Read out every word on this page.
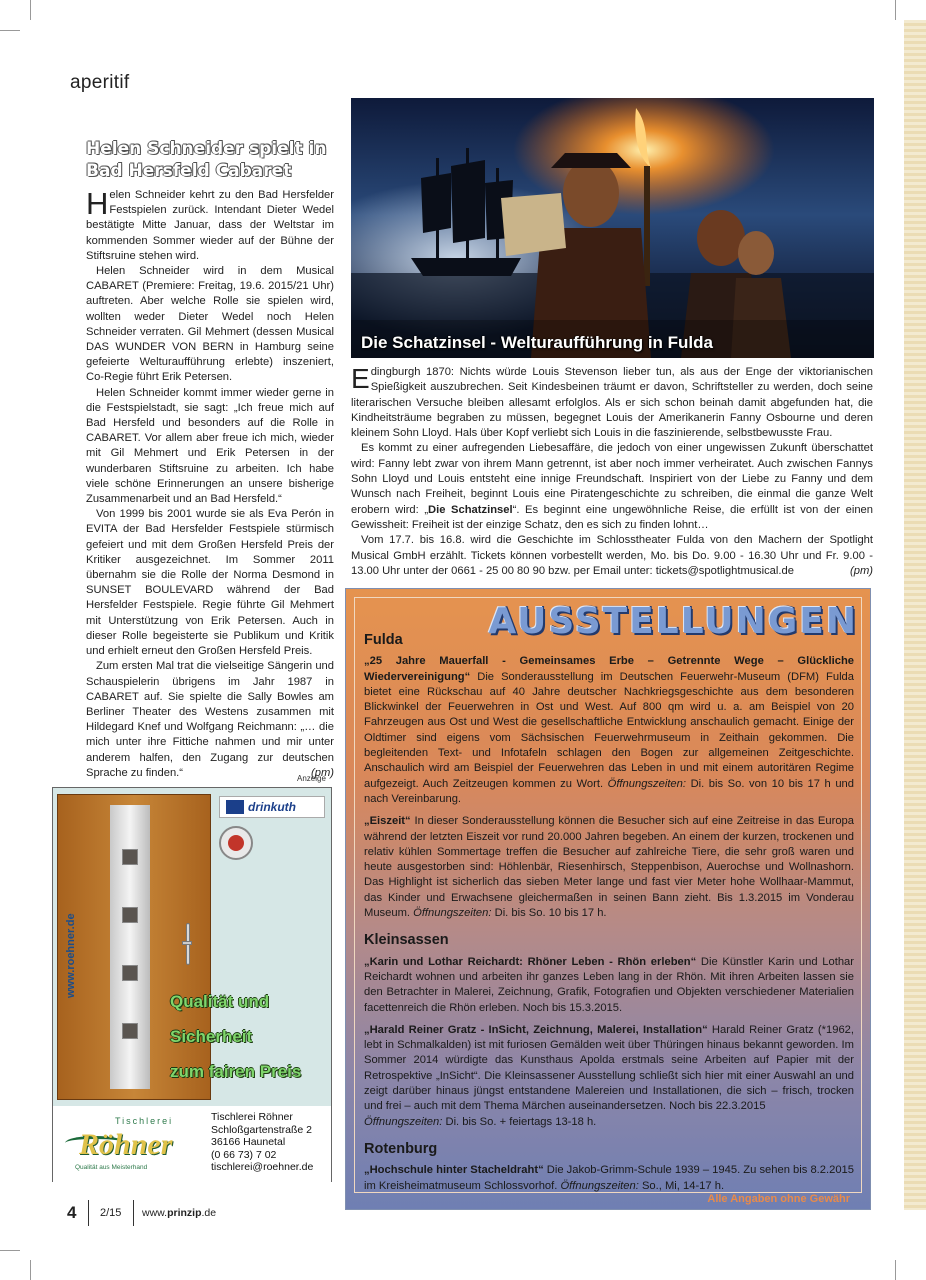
aperitif
Helen Schneider spielt in
Bad Hersfeld Cabaret

Helen Schneider kehrt zu den Bad Hersfelder Festspielen zurück. Intendant Dieter Wedel bestätigte Mitte Januar, dass der Weltstar im kommenden Sommer wieder auf der Bühne der Stiftsruine stehen wird.

Helen Schneider wird in dem Musical CABARET (Premiere: Freitag, 19.6. 2015/21 Uhr) auftreten. Aber welche Rolle sie spielen wird, wollten weder Dieter Wedel noch Helen Schneider verraten. Gil Mehmert (dessen Musical DAS WUNDER VON BERN in Hamburg seine gefeierte Welturaufführung erlebte) inszeniert, Co-Regie führt Erik Petersen.

Helen Schneider kommt immer wieder gerne in die Festspielstadt, sie sagt: „Ich freue mich auf Bad Hersfeld und besonders auf die Rolle in CABARET. Vor allem aber freue ich mich, wieder mit Gil Mehmert und Erik Petersen in der wunderbaren Stiftsruine zu arbeiten. Ich habe viele schöne Erinnerungen an unsere bisherige Zusammenarbeit und an Bad Hersfeld.“

Von 1999 bis 2001 wurde sie als Eva Perón in EVITA der Bad Hersfelder Festspiele stürmisch gefeiert und mit dem Großen Hersfeld Preis der Kritiker ausgezeichnet. Im Sommer 2011 übernahm sie die Rolle der Norma Desmond in SUNSET BOULEVARD während der Bad Hersfelder Festspiele. Regie führte Gil Mehmert mit Unterstützung von Erik Petersen. Auch in dieser Rolle begeisterte sie Publikum und Kritik und erhielt erneut den Großen Hersfeld Preis.

Zum ersten Mal trat die vielseitige Sängerin und Schauspielerin übrigens im Jahr 1987 in CABARET auf. Sie spielte die Sally Bowles am Berliner Theater des Westens zusammen mit Hildegard Knef und Wolfgang Reichmann: „… die mich unter ihre Fittiche nahmen und mir unter anderem halfen, den Zugang zur deutschen Sprache zu finden.“	(pm)

Die Schatzinsel - Welturaufführung in Fulda

Edingburgh 1870: Nichts würde Louis Stevenson lieber tun, als aus der Enge der viktorianischen Spießigkeit auszubrechen. Seit Kindesbeinen träumt er davon, Schriftsteller zu werden, doch seine literarischen Versuche bleiben allesamt erfolglos. Als er sich schon beinah damit abgefunden hat, die Kindheitsträume begraben zu müssen, begegnet Louis der Amerikanerin Fanny Osbourne und deren kleinem Sohn Lloyd. Hals über Kopf verliebt sich Louis in die faszinierende, selbstbewusste Frau.

Es kommt zu einer aufregenden Liebesaffäre, die jedoch von einer ungewissen Zukunft überschattet wird: Fanny lebt zwar von ihrem Mann getrennt, ist aber noch immer verheiratet. Auch zwischen Fannys Sohn Lloyd und Louis entsteht eine innige Freundschaft. Inspiriert von der Liebe zu Fanny und dem Wunsch nach Freiheit, beginnt Louis eine Piratengeschichte zu schreiben, die einmal die ganze Welt erobern wird: „Die Schatzinsel“. Es beginnt eine ungewöhnliche Reise, die erfüllt ist von der einen Gewissheit: Freiheit ist der einzige Schatz, den es sich zu finden lohnt…

Vom 17.7. bis 16.8. wird die Geschichte im Schlosstheater Fulda von den Machern der Spotlight Musical GmbH erzählt. Tickets können vorbestellt werden, Mo. bis Do. 9.00 - 16.30 Uhr und Fr. 9.00 - 13.00 Uhr unter der 0661 - 25 00 80 90 bzw. per Email unter: tickets@spotlightmusical.de	(pm)

AUSSTELLUNGEN
Fulda

„25 Jahre Mauerfall - Gemeinsames Erbe – Getrennte Wege – Glückliche Wiedervereinigung“ Die Sonderausstellung im Deutschen Feuerwehr-Museum (DFM) Fulda bietet eine Rückschau auf 40 Jahre deutscher Nachkriegsgeschichte aus dem besonderen Blickwinkel der Feuerwehren in Ost und West. Auf 800 qm wird u. a. am Beispiel von 20 Fahrzeugen aus Ost und West die gesellschaftliche Entwicklung anschaulich gemacht. Einige der Oldtimer sind eigens vom Sächsischen Feuerwehrmuseum in Zeithain gekommen. Die begleitenden Text- und Infotafeln schlagen den Bogen zur allgemeinen Zeitgeschichte. Anschaulich wird am Beispiel der Feuerwehren das Leben in und mit einem autoritären Regime aufgezeigt. Auch Zeitzeugen kommen zu Wort. Öffnungszeiten: Di. bis So. von 10 bis 17 h und nach Vereinbarung.

„Eiszeit“ In dieser Sonderausstellung können die Besucher sich auf eine Zeitreise in das Europa während der letzten Eiszeit vor rund 20.000 Jahren begeben. An einem der kurzen, trockenen und relativ kühlen Sommertage treffen die Besucher auf zahlreiche Tiere, die sehr groß waren und heute ausgestorben sind: Höhlenbär, Riesenhirsch, Steppenbison, Auerochse und Wollnashorn. Das Highlight ist sicherlich das sieben Meter lange und fast vier Meter hohe Wollhaar-Mammut, das Kinder und Erwachsene gleichermaßen in seinen Bann zieht. Bis 1.3.2015 im Vonderau Museum. Öffnungszeiten: Di. bis So. 10 bis 17 h.

Kleinsassen

„Karin und Lothar Reichardt: Rhöner Leben - Rhön erleben“ Die Künstler Karin und Lothar Reichardt wohnen und arbeiten ihr ganzes Leben lang in der Rhön. Mit ihren Arbeiten lassen sie den Betrachter in Malerei, Zeichnung, Grafik, Fotografien und Objekten verschiedener Materialien facettenreich die Rhön erleben. Noch bis 15.3.2015.

„Harald Reiner Gratz - InSicht, Zeichnung, Malerei, Installation“ Harald Reiner Gratz (*1962, lebt in Schmalkalden) ist mit furiosen Gemälden weit über Thüringen hinaus bekannt geworden. Im Sommer 2014 würdigte das Kunsthaus Apolda erstmals seine Arbeiten auf Papier mit der Retrospektive „InSicht“. Die Kleinsassener Ausstellung schließt sich hier mit einer Auswahl an und zeigt darüber hinaus jüngst entstandene Malereien und Installationen, die sich – frisch, trocken und frei – auch mit dem Thema Märchen auseinandersetzen. Noch bis 22.3.2015
Öffnungszeiten: Di. bis So. + feiertags 13-18 h.

Rotenburg

„Hochschule hinter Stacheldraht“ Die Jakob-Grimm-Schule 1939 – 1945. Zu sehen bis 8.2.2015 im Kreisheimatmuseum Schlossvorhof. Öffnungszeiten: So., Mi, 14-17 h.

Alle Angaben ohne Gewähr
Anzeige
www.roehner.de
drinkuth
Qualität und
Sicherheit
zum fairen Preis
Tischlerei
Röhner
Qualität aus Meisterhand
Tischlerei Röhner
Schloßgartenstraße 2
36166 Haunetal
(0 66 73) 7 02
tischlerei@roehner.de
4 2/15 www.prinzip.de
